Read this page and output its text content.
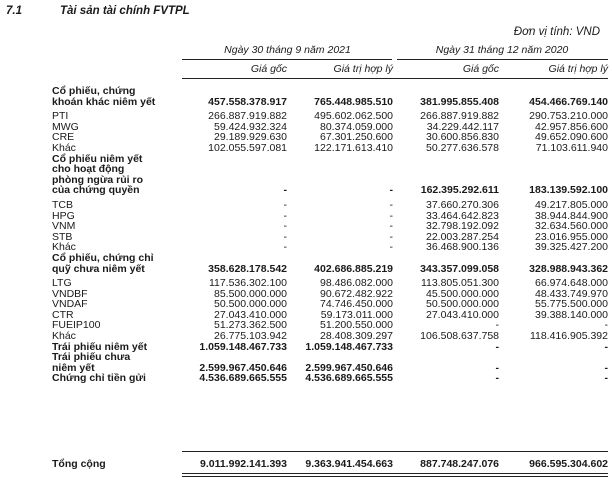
7.1	Tài sản tài chính FVTPL
Đơn vị tính: VND
Ngày 30 tháng 9 năm 2021	Ngày 31 tháng 12 năm 2020
Giá gốc	Giá trị hợp lý	Giá gốc	Giá trị hợp lý
Cổ phiếu, chứng
khoán khác niêm yết	457.558.378.917	765.448.985.510	381.995.855.408	454.466.769.140

PTI	266.887.919.882	495.602.062.500	266.887.919.882	290.753.210.000
MWG	59.424.932.324	80.374.059.000	34.229.442.117	42.957.856.600
CRE	29.189.929.630	67.301.250.600	30.600.856.830	49.652.090.600
Khác	102.055.597.081	122.171.613.410	50.277.636.578	71.103.611.940
Cổ phiếu niêm yết
cho hoạt động
phòng ngừa rủi ro
của chứng quyền	-	-	162.395.292.611	183.139.592.100

TCB	-	-	37.660.270.306	49.217.805.000
HPG	-	-	33.464.642.823	38.944.844.900
VNM	-	-	32.798.192.092	32.634.560.000
STB	-	-	22.003.287.254	23.016.955.000
Khác	-	-	36.468.900.136	39.325.427.200
Cổ phiếu, chứng chỉ
quỹ chưa niêm yết	358.628.178.542	402.686.885.219	343.357.099.058	328.988.943.362

LTG	117.536.302.100	98.486.082.000	113.805.051.300	66.974.648.000
VNDBF	85.500.000.000	90.672.482.922	45.500.000.000	48.433.749.970
VNDAF	50.500.000.000	74.746.450.000	50.500.000.000	55.775.500.000
CTR	27.043.410.000	59.173.011.000	27.043.410.000	39.388.140.000
FUEIP100	51.273.362.500	51.200.550.000	-	-
Khác	26.775.103.942	28.408.309.297	106.508.637.758	118.416.905.392
Trái phiếu niêm yết	1.059.148.467.733	1.059.148.467.733	-	-
Trái phiếu chưa
niêm yết	2.599.967.450.646	2.599.967.450.646	-	-
Chứng chỉ tiền gửi	4.536.689.665.555	4.536.689.665.555	-	-
Tổng cộng	9.011.992.141.393	9.363.941.454.663	887.748.247.076	966.595.304.602
